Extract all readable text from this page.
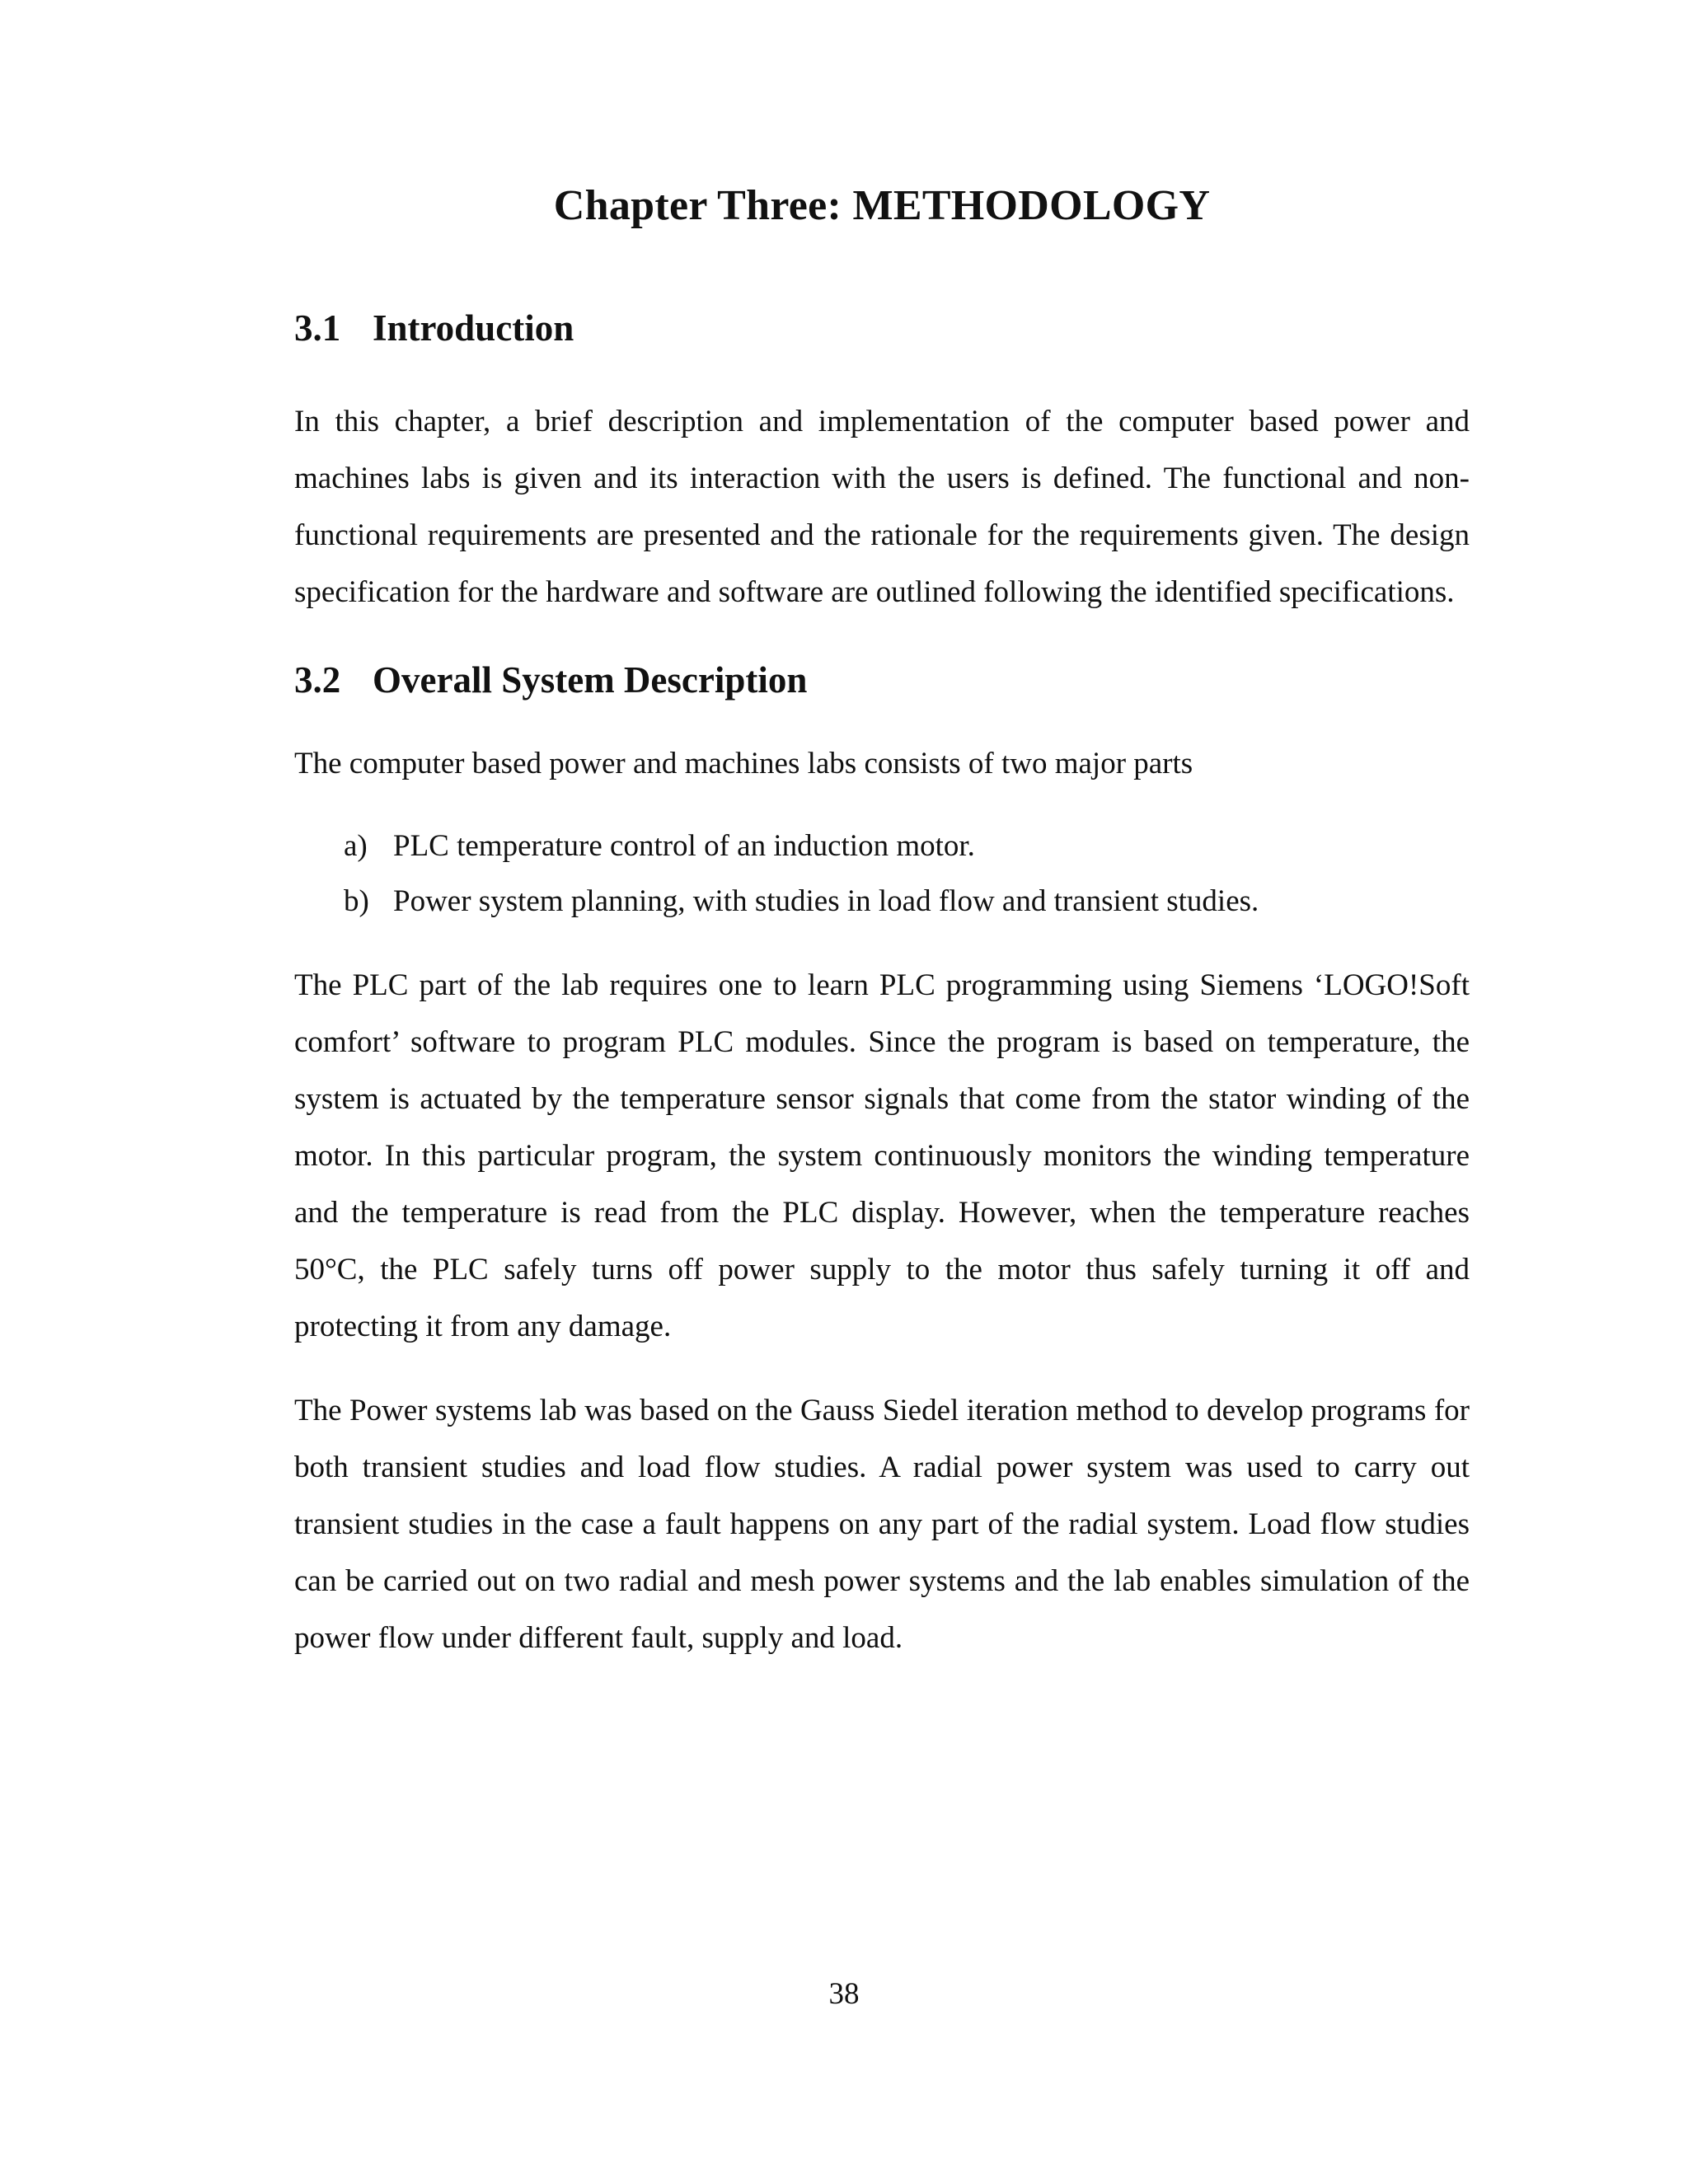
Chapter Three: METHODOLOGY
3.1 Introduction

In this chapter, a brief description and implementation of the computer based power and machines labs is given and its interaction with the users is defined. The functional and non-functional requirements are presented and the rationale for the requirements given. The design specification for the hardware and software are outlined following the identified specifications.

3.2 Overall System Description

The computer based power and machines labs consists of two major parts

a) PLC temperature control of an induction motor.
b) Power system planning, with studies in load flow and transient studies.

The PLC part of the lab requires one to learn PLC programming using Siemens ‘LOGO!Soft comfort’ software to program PLC modules. Since the program is based on temperature, the system is actuated by the temperature sensor signals that come from the stator winding of the motor. In this particular program, the system continuously monitors the winding temperature and the temperature is read from the PLC display. However, when the temperature reaches 50°C, the PLC safely turns off power supply to the motor thus safely turning it off and protecting it from any damage.

The Power systems lab was based on the Gauss Siedel iteration method to develop programs for both transient studies and load flow studies. A radial power system was used to carry out transient studies in the case a fault happens on any part of the radial system. Load flow studies can be carried out on two radial and mesh power systems and the lab enables simulation of the power flow under different fault, supply and load.

38
